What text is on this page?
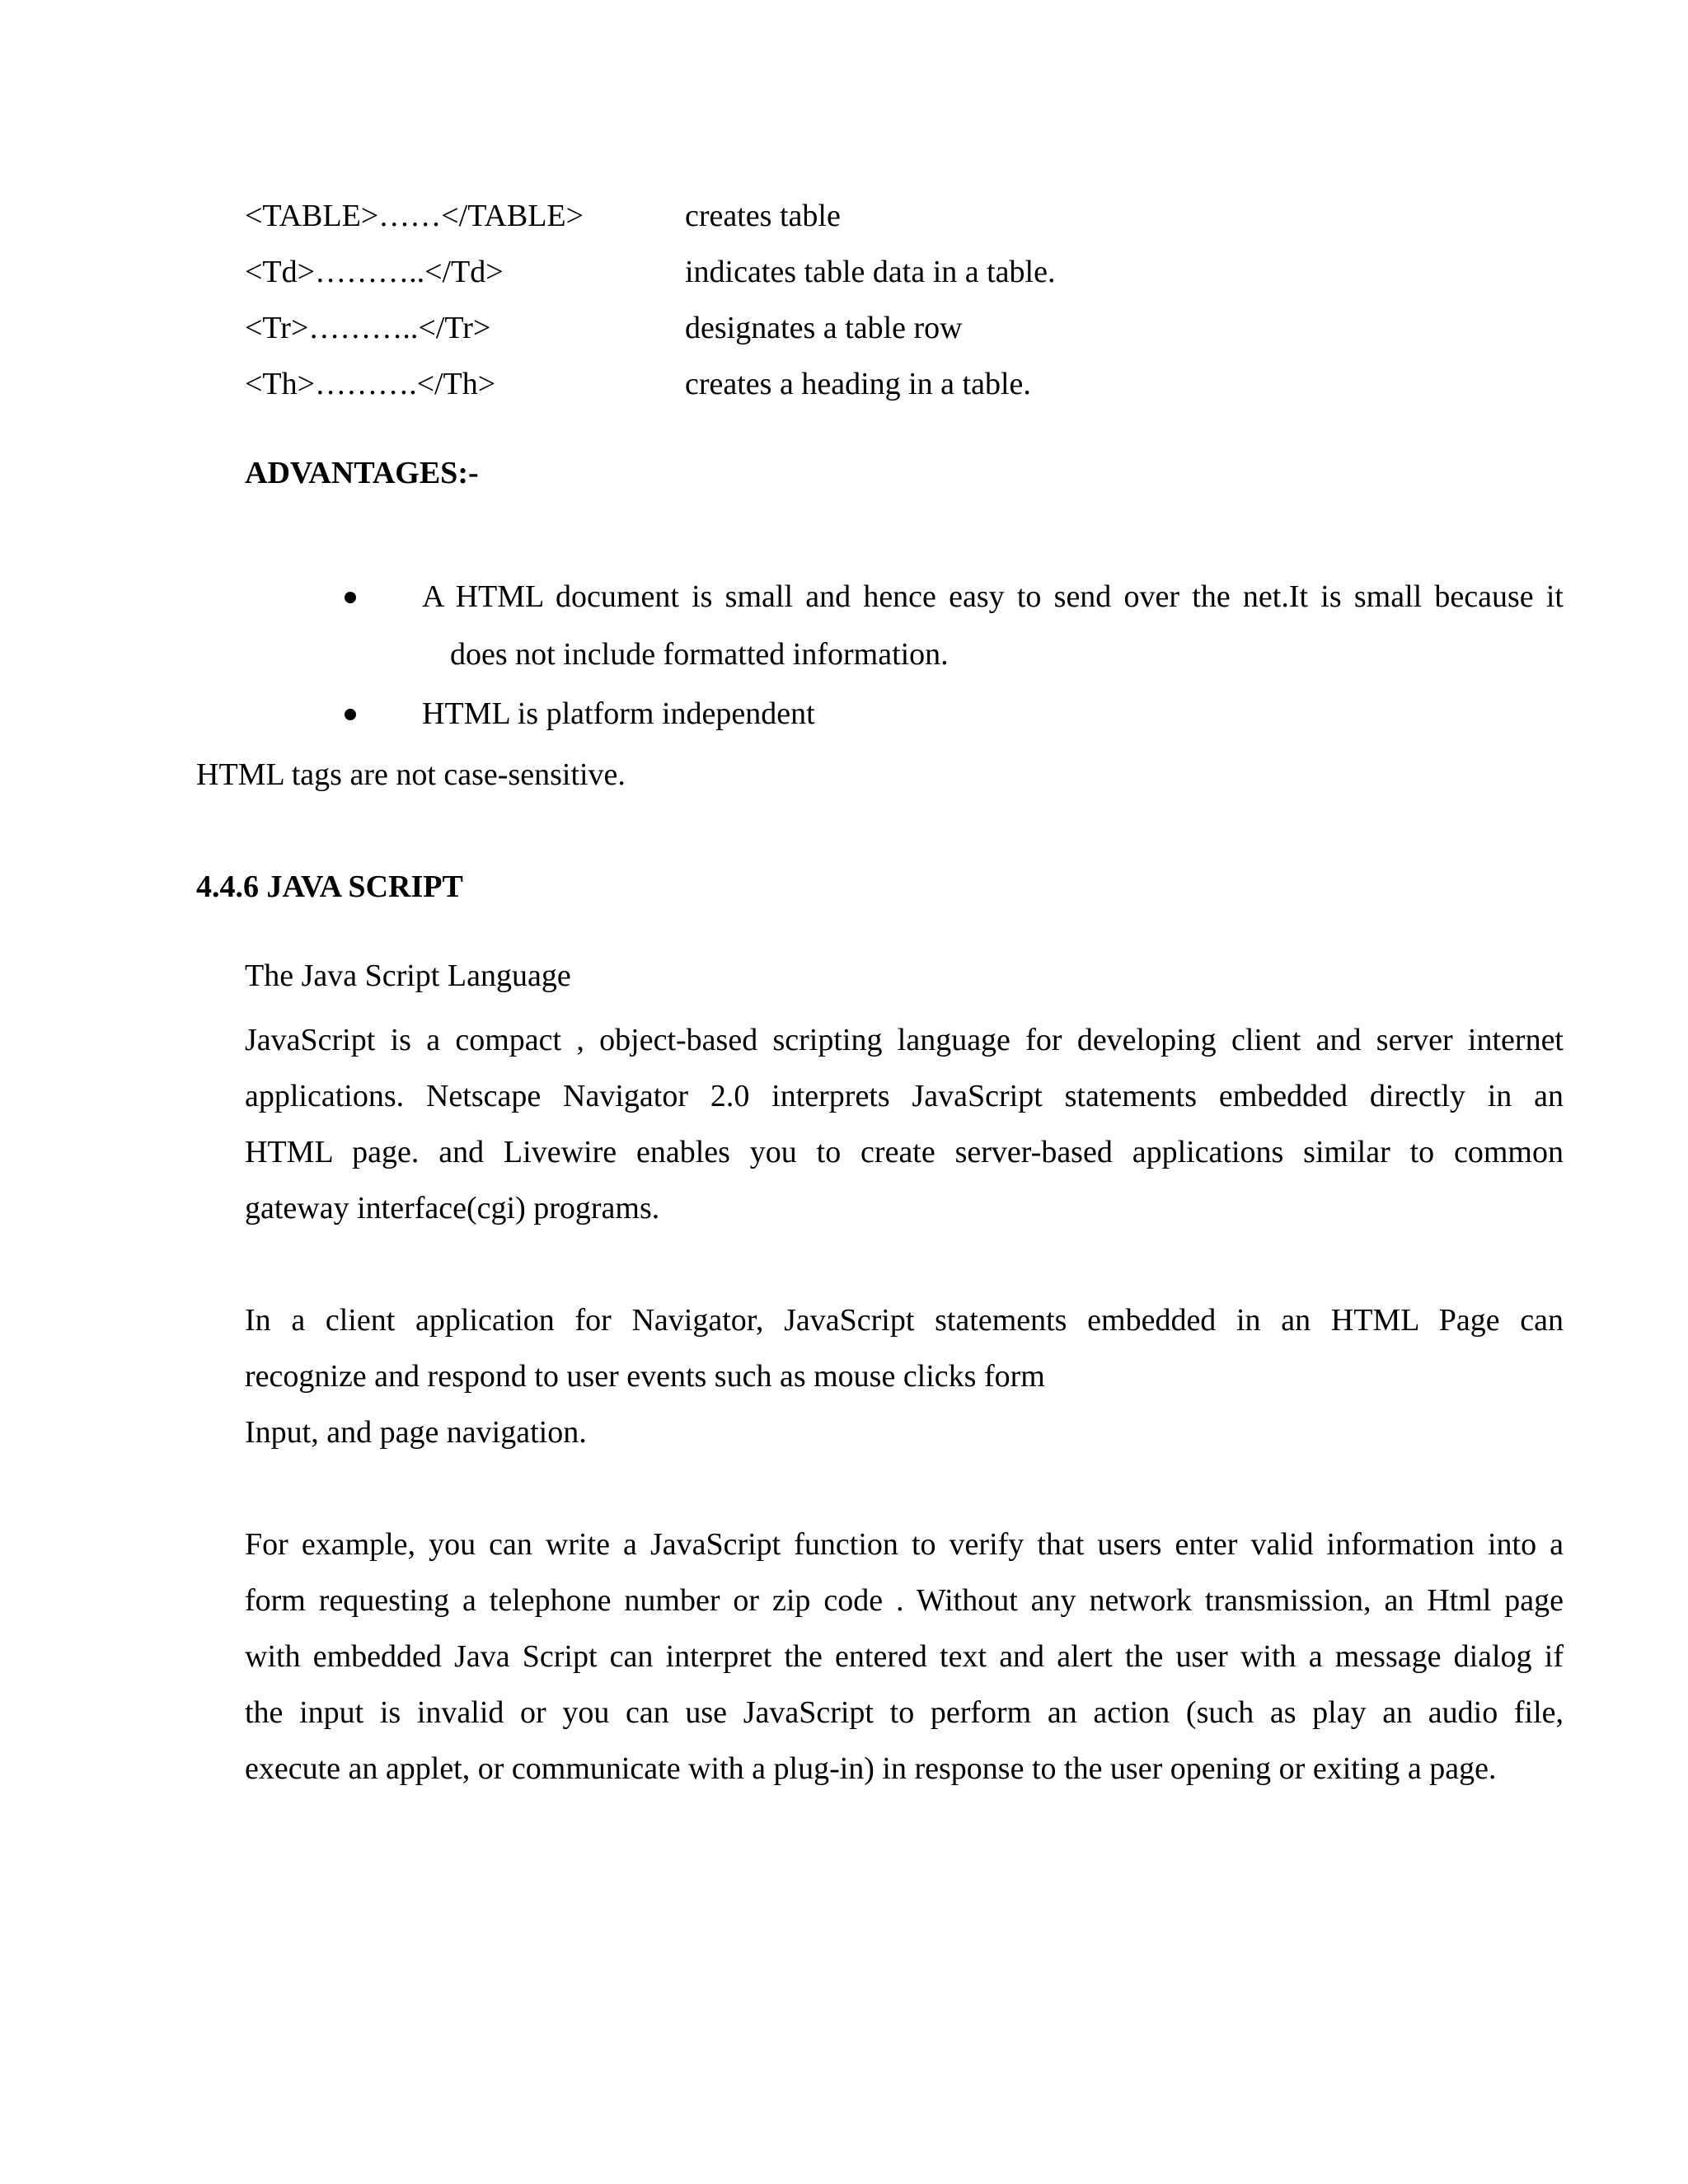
<TABLE>……</TABLE>	creates table
<Td>………..</Td>	indicates table data in a table.
<Tr>………..</Tr>	designates a table row
<Th>……….</Th>	creates a heading in a table.
ADVANTAGES:-
A HTML document is small and hence easy to send over the net.It is small because it
does not include formatted information.
HTML is platform independent
HTML tags are not case-sensitive.
4.4.6 JAVA SCRIPT
The Java Script Language
JavaScript is a compact , object-based scripting language for developing client and server internet
applications. Netscape Navigator 2.0 interprets JavaScript statements embedded directly in an
HTML page. and Livewire enables you to create server-based applications similar to common
gateway interface(cgi) programs.
In a client application for Navigator, JavaScript statements embedded in an HTML Page can
recognize and respond to user events such as mouse clicks form
Input, and page navigation.
For example, you can write a JavaScript function to verify that users enter valid information into a
form requesting a telephone number or zip code . Without any network transmission, an Html page
with embedded Java Script can interpret the entered text and alert the user with a message dialog if
the input is invalid or you can use JavaScript to perform an action (such as play an audio file,
execute an applet, or communicate with a plug-in) in response to the user opening or exiting a page.
